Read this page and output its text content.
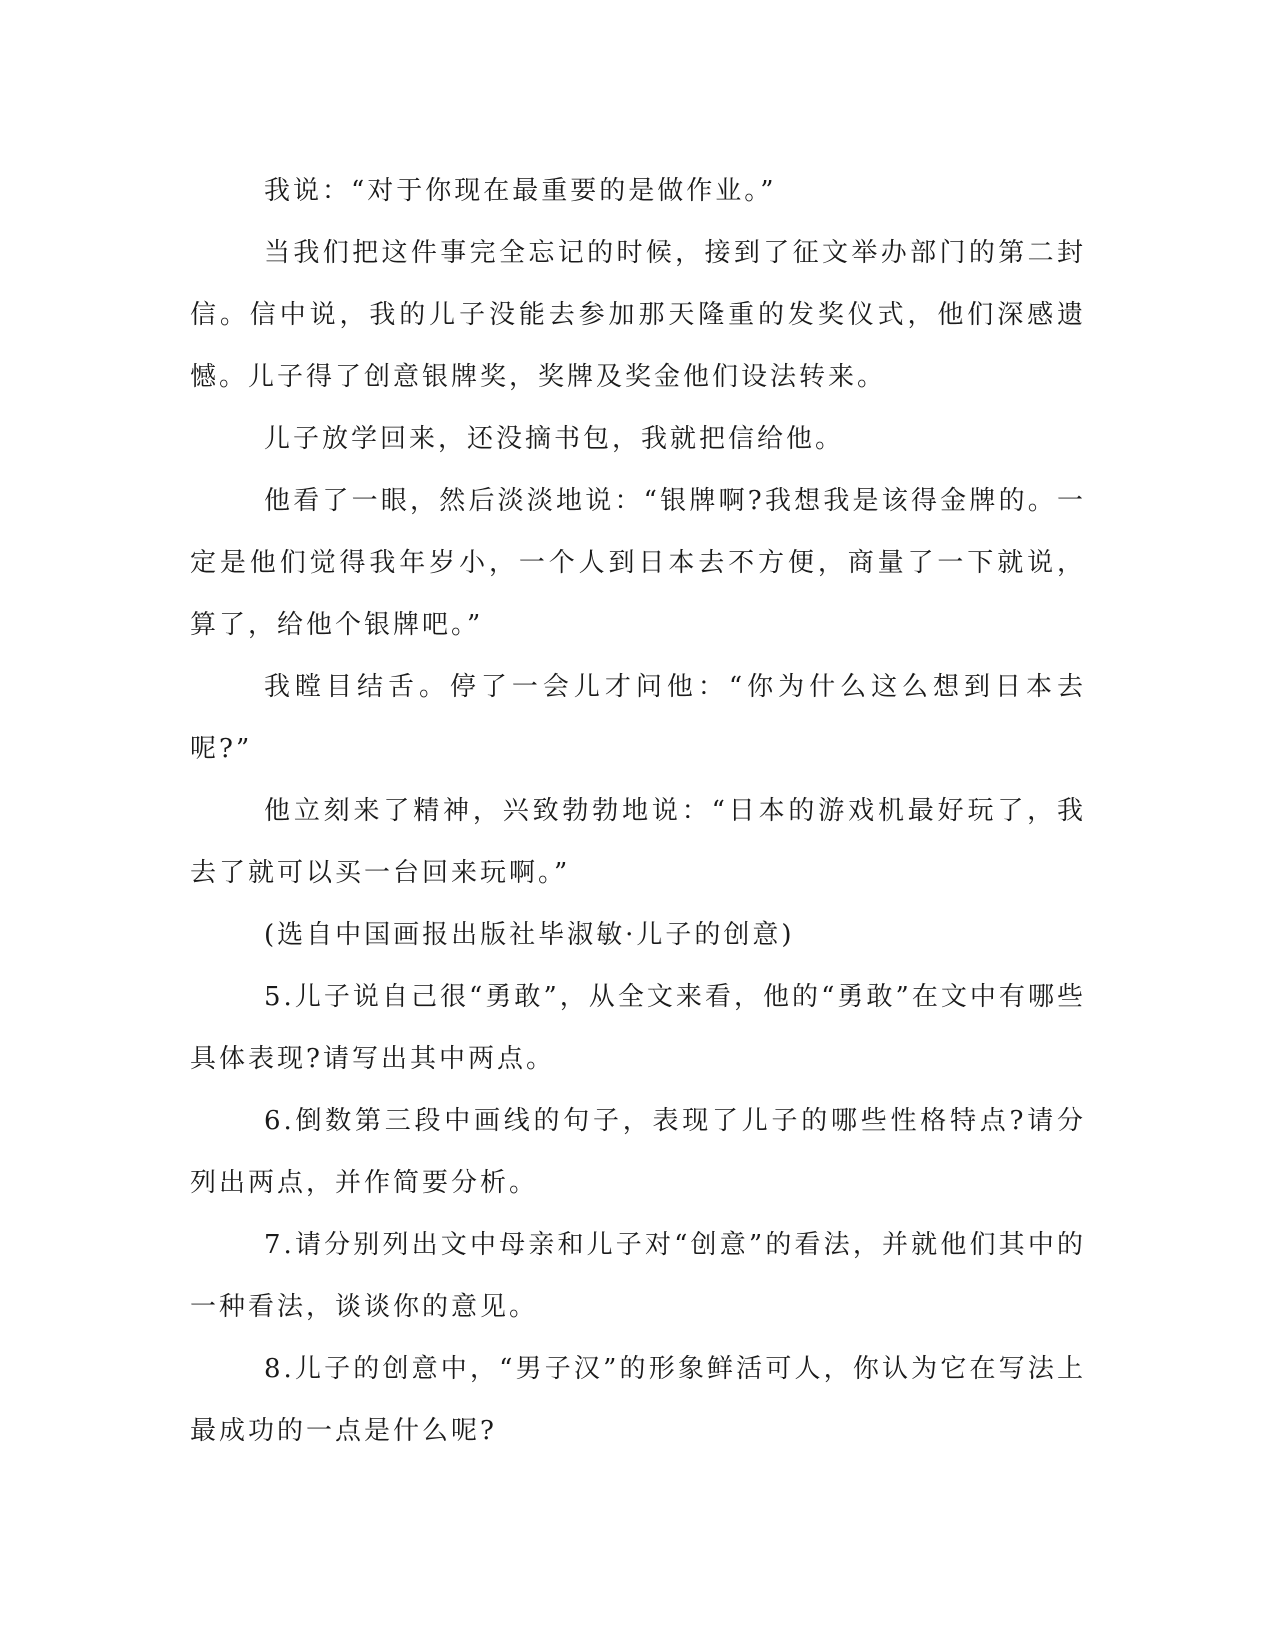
我说：“对于你现在最重要的是做作业。”

当我们把这件事完全忘记的时候，接到了征文举办部门的第二封信。信中说，我的儿子没能去参加那天隆重的发奖仪式，他们深感遗憾。儿子得了创意银牌奖，奖牌及奖金他们设法转来。

儿子放学回来，还没摘书包，我就把信给他。

他看了一眼，然后淡淡地说：“银牌啊?我想我是该得金牌的。一定是他们觉得我年岁小，一个人到日本去不方便，商量了一下就说，算了，给他个银牌吧。”

我瞠目结舌。停了一会儿才问他：“你为什么这么想到日本去呢?”

他立刻来了精神，兴致勃勃地说：“日本的游戏机最好玩了，我去了就可以买一台回来玩啊。”

(选自中国画报出版社毕淑敏·儿子的创意)

5.儿子说自己很“勇敢”，从全文来看，他的“勇敢”在文中有哪些具体表现?请写出其中两点。

6.倒数第三段中画线的句子，表现了儿子的哪些性格特点?请分列出两点，并作简要分析。

7.请分别列出文中母亲和儿子对“创意”的看法，并就他们其中的一种看法，谈谈你的意见。

8.儿子的创意中，“男子汉”的形象鲜活可人，你认为它在写法上最成功的一点是什么呢?
